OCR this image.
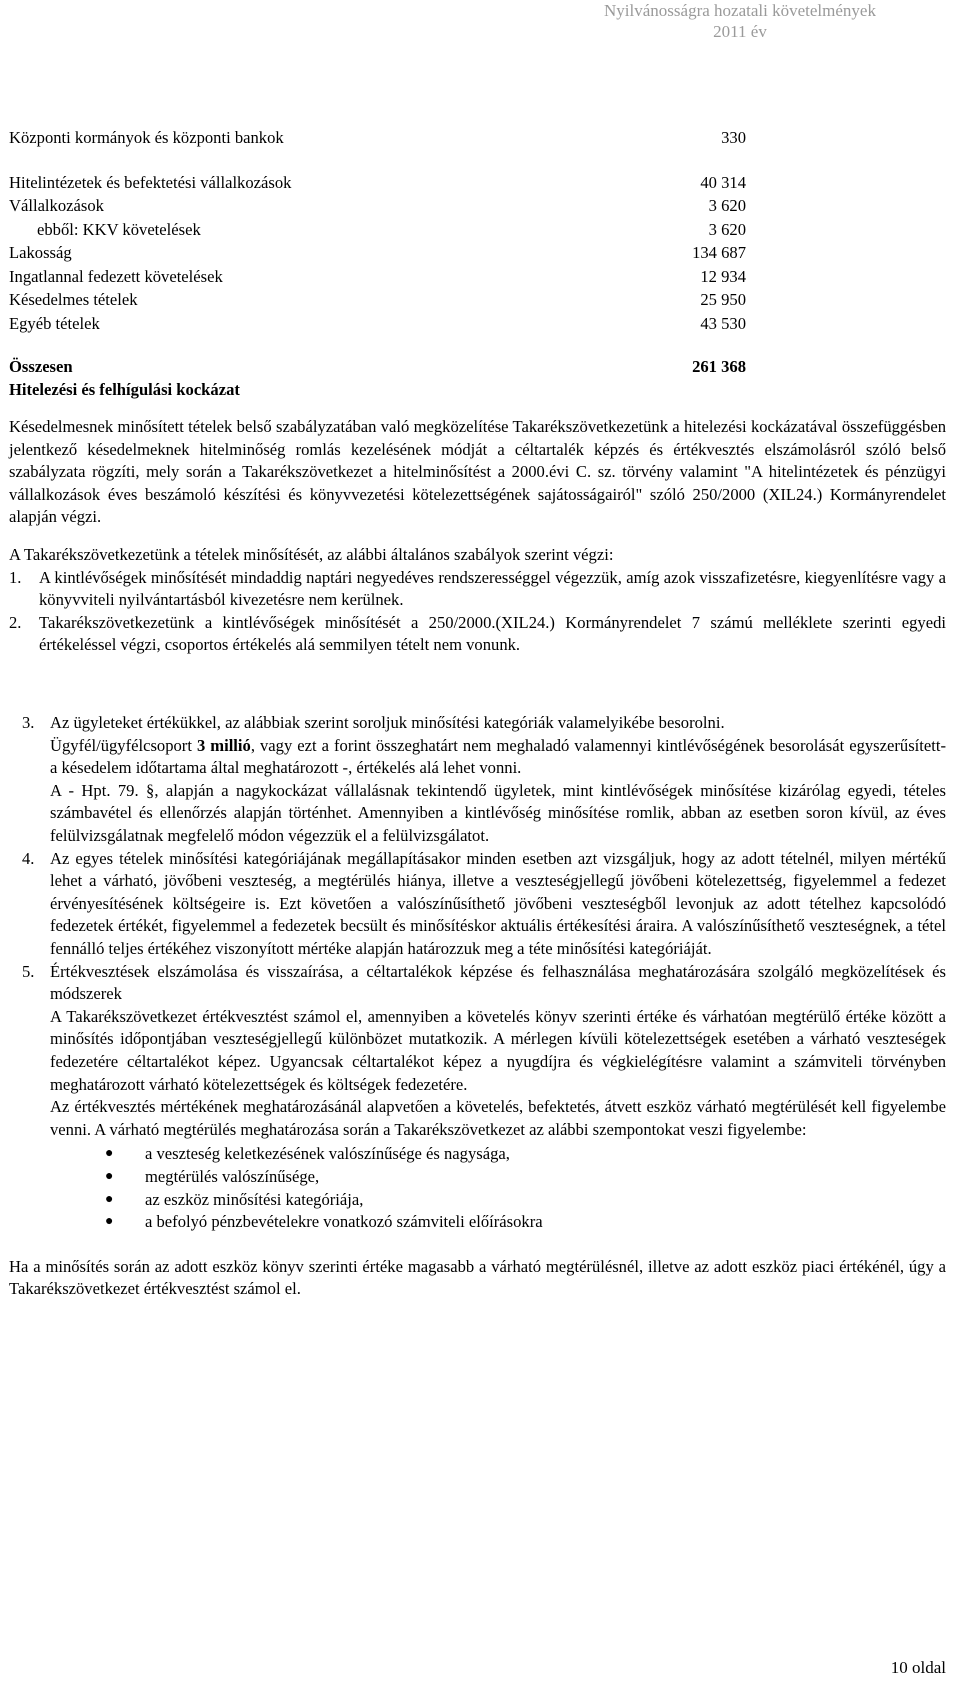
Nyilvánosságra hozatali követelmények
2011 év
Központi kormányok és központi bankok	330
Hitelintézetek és befektetési vállalkozások	40 314
Vállalkozások	3 620
ebből: KKV követelések	3 620
Lakosság	134 687
Ingatlannal fedezett követelések	12 934
Késedelmes tételek	25 950
Egyéb tételek	43 530
Összesen	261 368
Hitelezési és felhígulási kockázat

Késedelmesnek minősített tételek belső szabályzatában való megközelítése Takarékszövetkezetünk a hitelezési kockázatával összefüggésben jelentkező késedelmeknek hitelminőség romlás kezelésének módját a céltartalék képzés és értékvesztés elszámolásról szóló belső szabályzata rögzíti, mely során a Takarékszövetkezet a hitelminősítést a 2000.évi C. sz. törvény valamint "A hitelintézetek és pénzügyi vállalkozások éves beszámoló készítési és könyvvezetési kötelezettségének sajátosságairól" szóló 250/2000 (XIL24.) Kormányrendelet alapján végzi.

A Takarékszövetkezetünk a tételek minősítését, az alábbi általános szabályok szerint végzi:

1. A kintlévőségek minősítését mindaddig naptári negyedéves rendszerességgel végezzük, amíg azok visszafizetésre, kiegyenlítésre vagy a könyvviteli nyilvántartásból kivezetésre nem kerülnek.
2. Takarékszövetkezetünk a kintlévőségek minősítését a 250/2000.(XIL24.) Kormányrendelet 7 számú melléklete szerinti egyedi értékeléssel végzi, csoportos értékelés alá semmilyen tételt nem vonunk.
3. Az ügyleteket értékükkel, az alábbiak szerint soroljuk minősítési kategóriák valamelyikébe besorolni.

Ügyfél/ügyfélcsoport 3 millió, vagy ezt a forint összeghatárt nem meghaladó valamennyi kintlévőségének besorolását egyszerűsített- a késedelem időtartama által meghatározott -, értékelés alá lehet vonni.

A - Hpt. 79. §, alapján a nagykockázat vállalásnak tekintendő ügyletek, mint kintlévőségek minősítése kizárólag egyedi, tételes számbavétel és ellenőrzés alapján történhet. Amennyiben a kintlévőség minősítése romlik, abban az esetben soron kívül, az éves felülvizsgálatnak megfelelő módon végezzük el a felülvizsgálatot.

4. Az egyes tételek minősítési kategóriájának megállapításakor minden esetben azt vizsgáljuk, hogy az adott tételnél, milyen mértékű lehet a várható, jövőbeni veszteség, a megtérülés hiánya, illetve a veszteségjellegű jövőbeni kötelezettség, figyelemmel a fedezet érvényesítésének költségeire is. Ezt követően a valószínűsíthető jövőbeni veszteségből levonjuk az adott tételhez kapcsolódó fedezetek értékét, figyelemmel a fedezetek becsült és minősítéskor aktuális értékesítési áraira. A valószínűsíthető veszteségnek, a tétel fennálló teljes értékéhez viszonyított mértéke alapján határozzuk meg a téte minősítési kategóriáját.

5. Értékvesztések elszámolása és visszaírása, a céltartalékok képzése és felhasználása meghatározására szolgáló megközelítések és módszerek

A Takarékszövetkezet értékvesztést számol el, amennyiben a követelés könyv szerinti értéke és várhatóan megtérülő értéke között a minősítés időpontjában veszteségjellegű különbözet mutatkozik. A mérlegen kívüli kötelezettségek esetében a várható veszteségek fedezetére céltartalékot képez. Ugyancsak céltartalékot képez a nyugdíjra és végkielégítésre valamint a számviteli törvényben meghatározott várható kötelezettségek és költségek fedezetére.

Az értékvesztés mértékének meghatározásánál alapvetően a követelés, befektetés, átvett eszköz várható megtérülését kell figyelembe venni. A várható megtérülés meghatározása során a Takarékszövetkezet az alábbi szempontokat veszi figyelembe:

● a veszteség keletkezésének valószínűsége és nagysága,
● megtérülés valószínűsége,
● az eszköz minősítési kategóriája,
● a befolyó pénzbevételekre vonatkozó számviteli előírásokra

Ha a minősítés során az adott eszköz könyv szerinti értéke magasabb a várható megtérülésnél, illetve az adott eszköz piaci értékénél, úgy a Takarékszövetkezet értékvesztést számol el.

10 oldal
